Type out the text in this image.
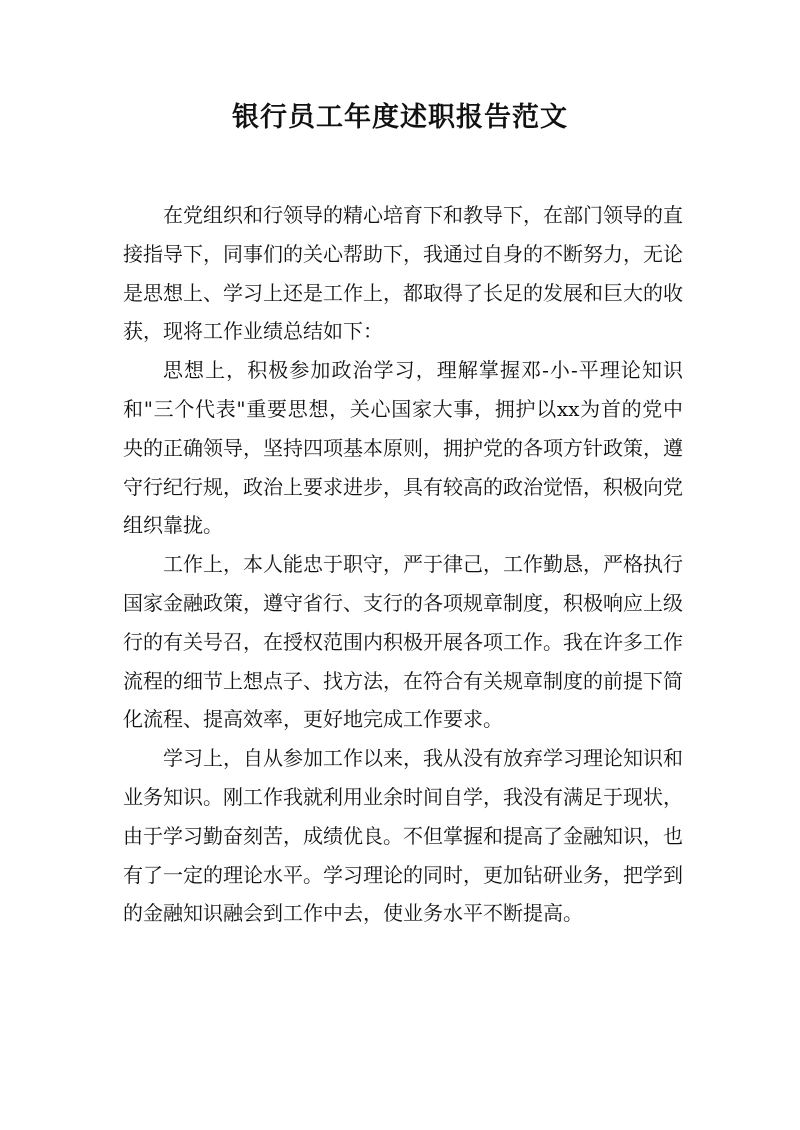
银行员工年度述职报告范文

在党组织和行领导的精心培育下和教导下，在部门领导的直接指导下，同事们的关心帮助下，我通过自身的不断努力，无论是思想上、学习上还是工作上，都取得了长足的发展和巨大的收获，现将工作业绩总结如下：

思想上，积极参加政治学习，理解掌握邓-小-平理论知识和"三个代表"重要思想，关心国家大事，拥护以xx为首的党中央的正确领导，坚持四项基本原则，拥护党的各项方针政策，遵守行纪行规，政治上要求进步，具有较高的政治觉悟，积极向党组织靠拢。

工作上，本人能忠于职守，严于律己，工作勤恳，严格执行国家金融政策，遵守省行、支行的各项规章制度，积极响应上级行的有关号召，在授权范围内积极开展各项工作。我在许多工作流程的细节上想点子、找方法，在符合有关规章制度的前提下简化流程、提高效率，更好地完成工作要求。

学习上，自从参加工作以来，我从没有放弃学习理论知识和业务知识。刚工作我就利用业余时间自学，我没有满足于现状，由于学习勤奋刻苦，成绩优良。不但掌握和提高了金融知识，也有了一定的理论水平。学习理论的同时，更加钻研业务，把学到的金融知识融会到工作中去，使业务水平不断提高。
